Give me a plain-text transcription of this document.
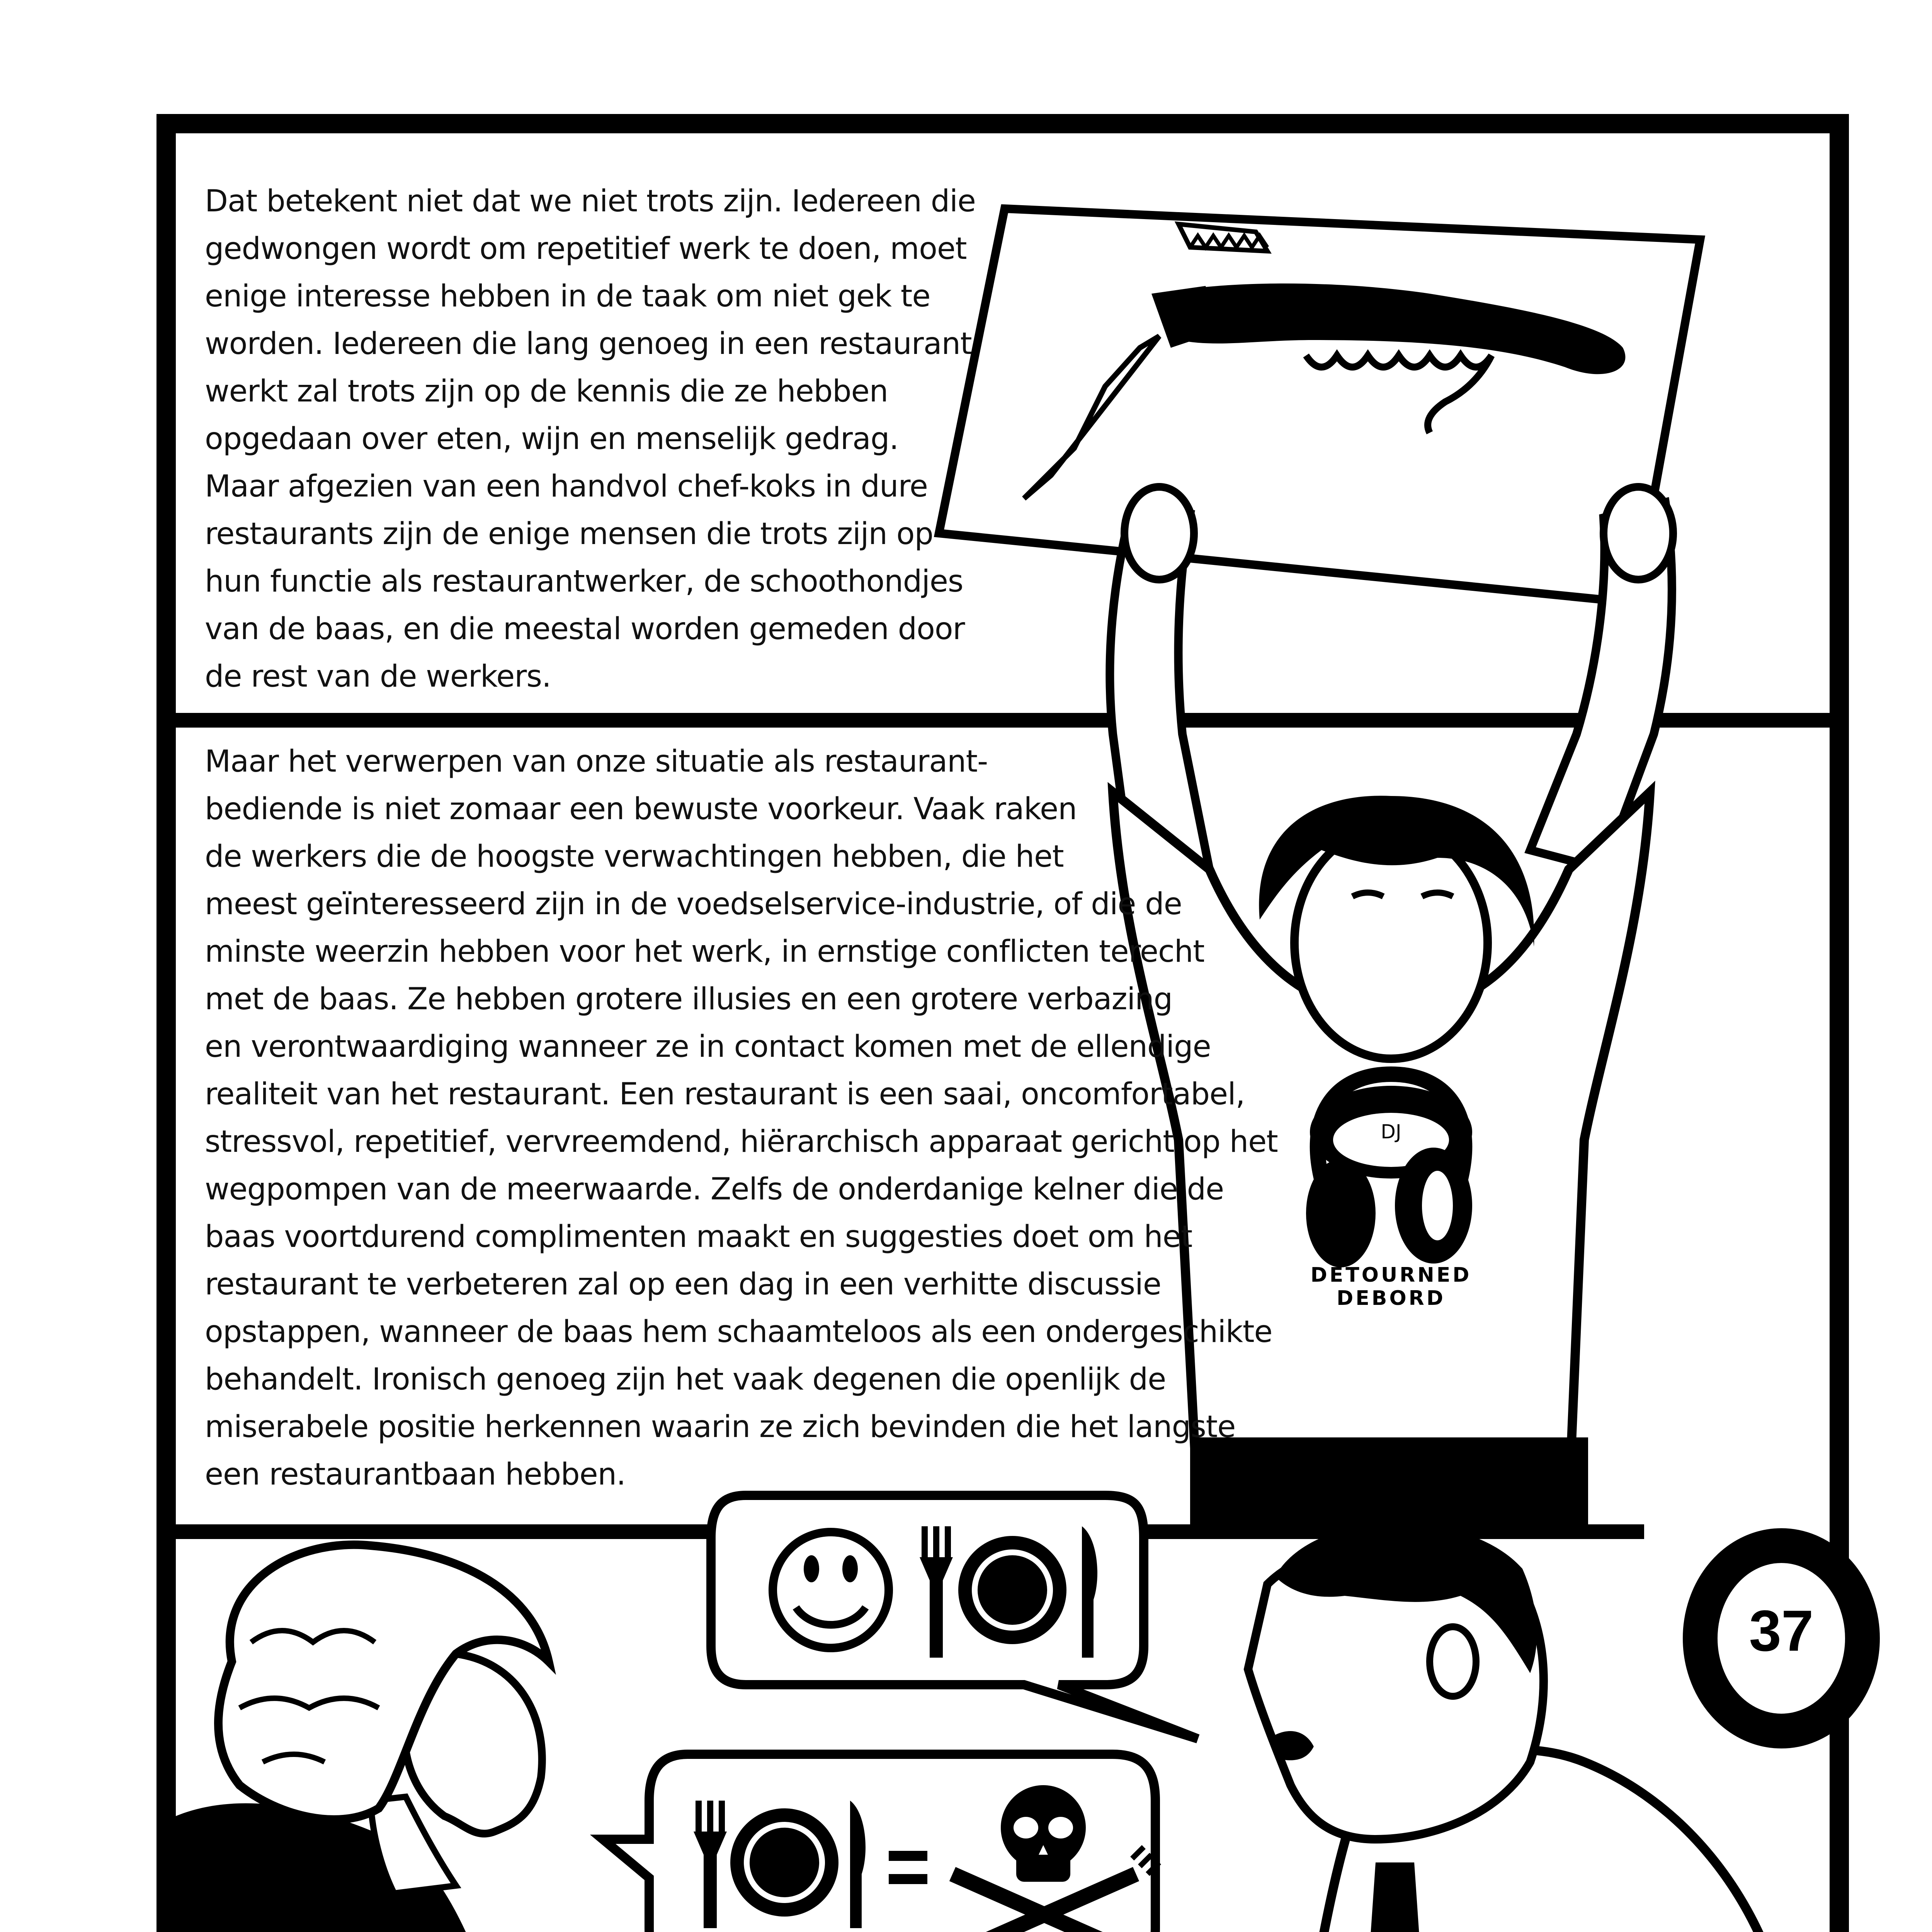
Dat betekent niet dat we niet trots zijn. Iedereen die
gedwongen wordt om repetitief werk te doen, moet
enige interesse hebben in de taak om niet gek te
worden. Iedereen die lang genoeg in een restaurant
werkt zal trots zijn op de kennis die ze hebben
opgedaan over eten, wijn en menselijk gedrag.
Maar afgezien van een handvol chef-koks in dure
restaurants zijn de enige mensen die trots zijn op
hun functie als restaurantwerker, de schoothondjes
van de baas, en die meestal worden gemeden door
de rest van de werkers.
Maar het verwerpen van onze situatie als restaurant-
bediende is niet zomaar een bewuste voorkeur. Vaak raken
de werkers die de hoogste verwachtingen hebben, die het
meest geïnteresseerd zijn in de voedselservice-industrie, of die de
minste weerzin hebben voor het werk, in ernstige conflicten terecht
met de baas. Ze hebben grotere illusies en een grotere verbazing
en verontwaardiging wanneer ze in contact komen met de ellendige
realiteit van het restaurant. Een restaurant is een saai, oncomfortabel,
stressvol, repetitief, vervreemdend, hiërarchisch apparaat gericht op het
wegpompen van de meerwaarde. Zelfs de onderdanige kelner die de
baas voortdurend complimenten maakt en suggesties doet om het
restaurant te verbeteren zal op een dag in een verhitte discussie
opstappen, wanneer de baas hem schaamteloos als een ondergeschikte
behandelt. Ironisch genoeg zijn het vaak degenen die openlijk de
miserabele positie herkennen waarin ze zich bevinden die het langste
een restaurantbaan hebben.
DJ
DETOURNED
DEBORD
37
